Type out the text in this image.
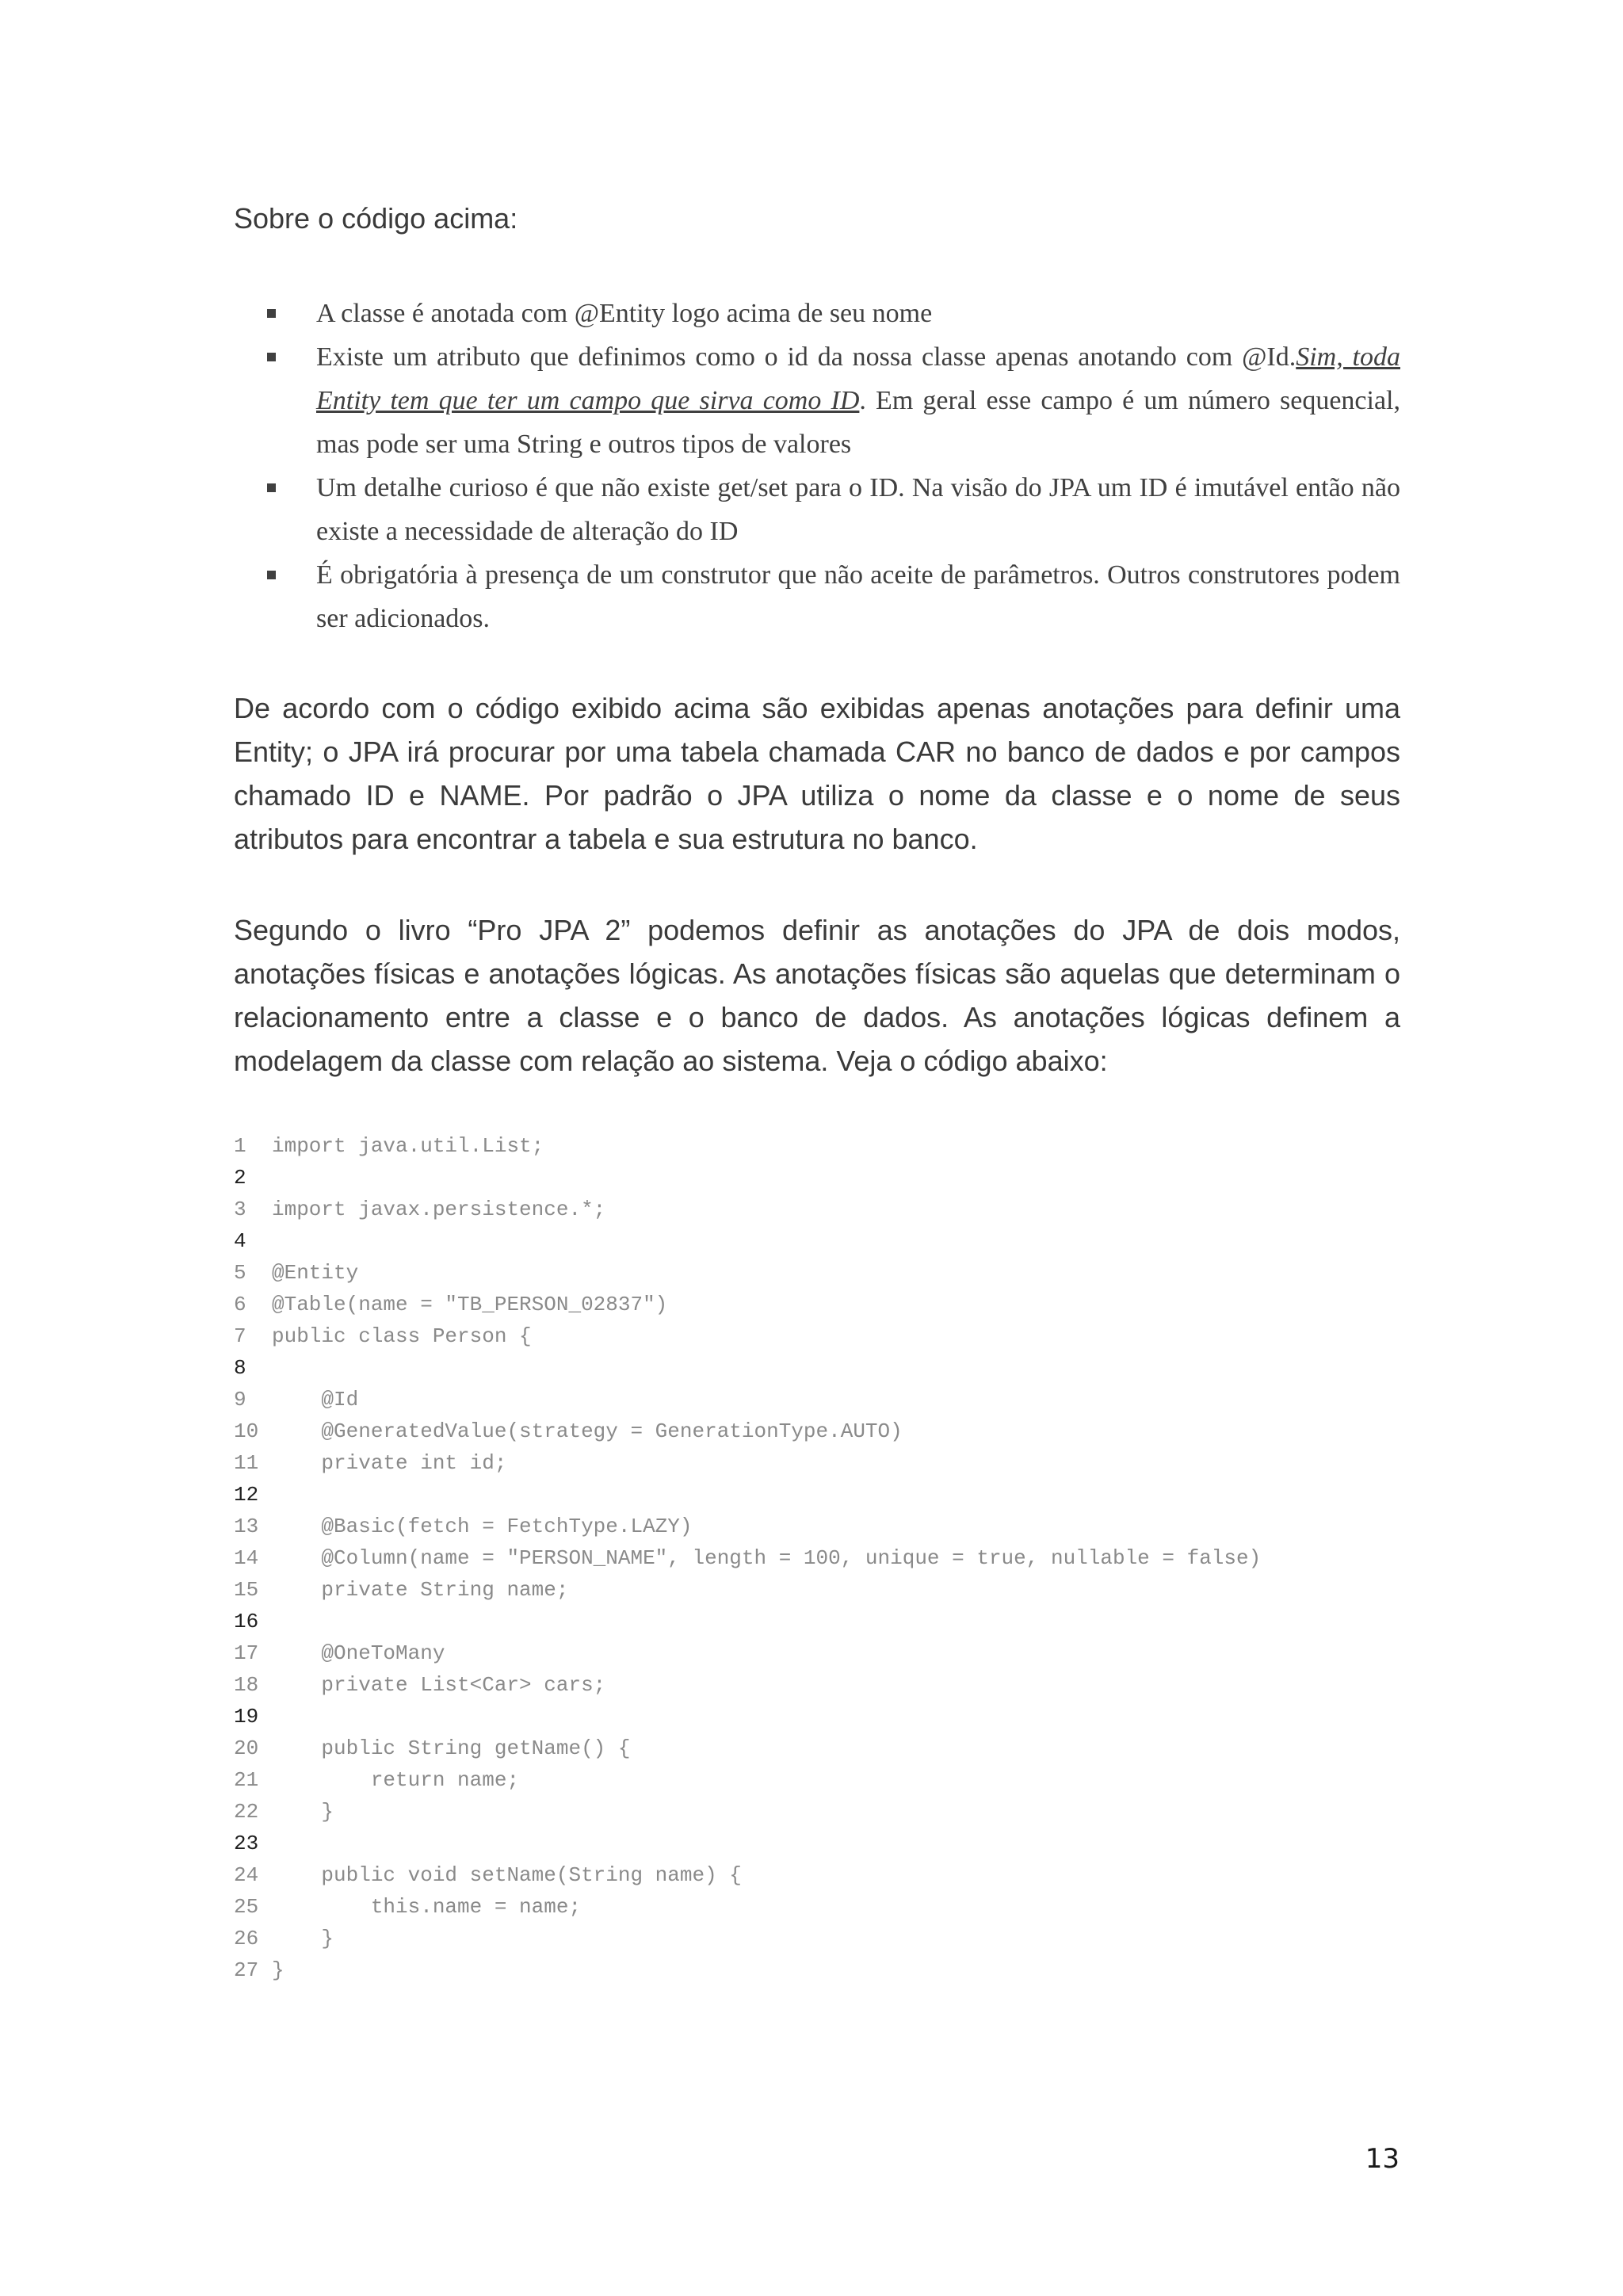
Sobre o código acima:

A classe é anotada com @Entity logo acima de seu nome
Existe um atributo que definimos como o id da nossa classe apenas anotando com @Id.Sim, toda Entity tem que ter um campo que sirva como ID. Em geral esse campo é um número sequencial, mas pode ser uma String e outros tipos de valores
Um detalhe curioso é que não existe get/set para o ID. Na visão do JPA um ID é imutável então não existe a necessidade de alteração do ID
É obrigatória à presença de um construtor que não aceite de parâmetros. Outros construtores podem ser adicionados.

De acordo com o código exibido acima são exibidas apenas anotações para definir uma Entity; o JPA irá procurar por uma tabela chamada CAR no banco de dados e por campos chamado ID e NAME. Por padrão o JPA utiliza o nome da classe e o nome de seus atributos para encontrar a tabela e sua estrutura no banco.

Segundo o livro “Pro JPA 2” podemos definir as anotações do JPA de dois modos, anotações físicas e anotações lógicas. As anotações físicas são aquelas que determinam o relacionamento entre a classe e o banco de dados. As anotações lógicas definem a modelagem da classe com relação ao sistema. Veja o código abaixo:

1	import java.util.List;
2
3	import javax.persistence.*;
4
5	@Entity
6	@Table(name = "TB_PERSON_02837")
7	public class Person {
8
9	@Id
10 @GeneratedValue(strategy = GenerationType.AUTO)
11 private int id;
12
13 @Basic(fetch = FetchType.LAZY)
14 @Column(name = "PERSON_NAME", length = 100, unique = true, nullable = false)
15 private String name;
16
17 @OneToMany
18 private List<Car> cars;
19
20 public String getName() {
21 return name;
22 }
23
24 public void setName(String name) {
25 this.name = name;
26 }
27 }
13
